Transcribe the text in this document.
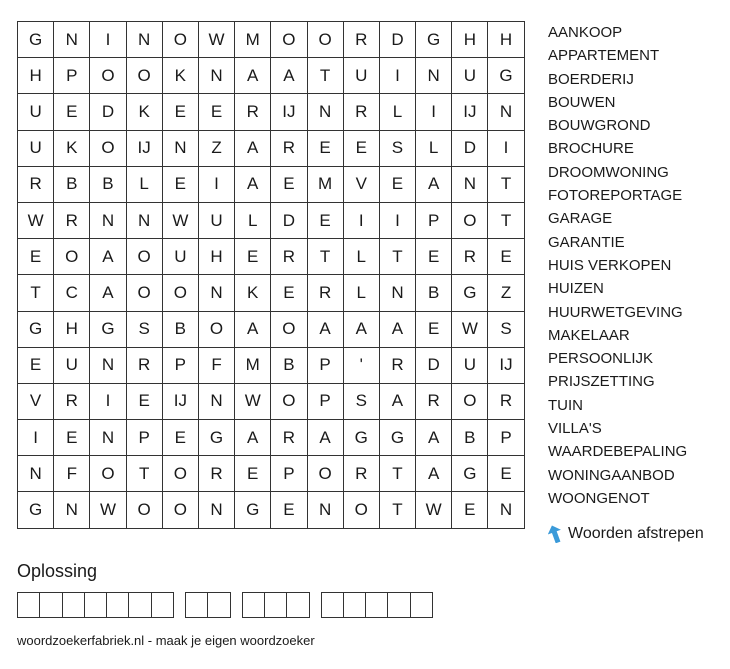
G	N	I	N	O	W	M	O	O	R	D	G	H	H
H	P	O	O	K	N	A	A	T	U	I	N	U	G
U	E	D	K	E	E	R	IJ	N	R	L	I	IJ	N
U	K	O	IJ	N	Z	A	R	E	E	S	L	D	I
R	B	B	L	E	I	A	E	M	V	E	A	N	T
W	R	N	N	W	U	L	D	E	I	I	P	O	T
E	O	A	O	U	H	E	R	T	L	T	E	R	E
T	C	A	O	O	N	K	E	R	L	N	B	G	Z
G	H	G	S	B	O	A	O	A	A	A	E	W	S
E	U	N	R	P	F	M	B	P	'	R	D	U	IJ
V	R	I	E	IJ	N	W	O	P	S	A	R	O	R
I	E	N	P	E	G	A	R	A	G	G	A	B	P
N	F	O	T	O	R	E	P	O	R	T	A	G	E
G	N	W	O	O	N	G	E	N	O	T	W	E	N
AANKOOP
APPARTEMENT
BOERDERIJ
BOUWEN
BOUWGROND
BROCHURE
DROOMWONING
FOTOREPORTAGE
GARAGE
GARANTIE
HUIS VERKOPEN
HUIZEN
HUURWETGEVING
MAKELAAR
PERSOONLIJK
PRIJSZETTING
TUIN
VILLA'S
WAARDEBEPALING
WONINGAANBOD
WOONGENOT
Woorden afstrepen
Oplossing
woordzoekerfabriek.nl - maak je eigen woordzoeker
